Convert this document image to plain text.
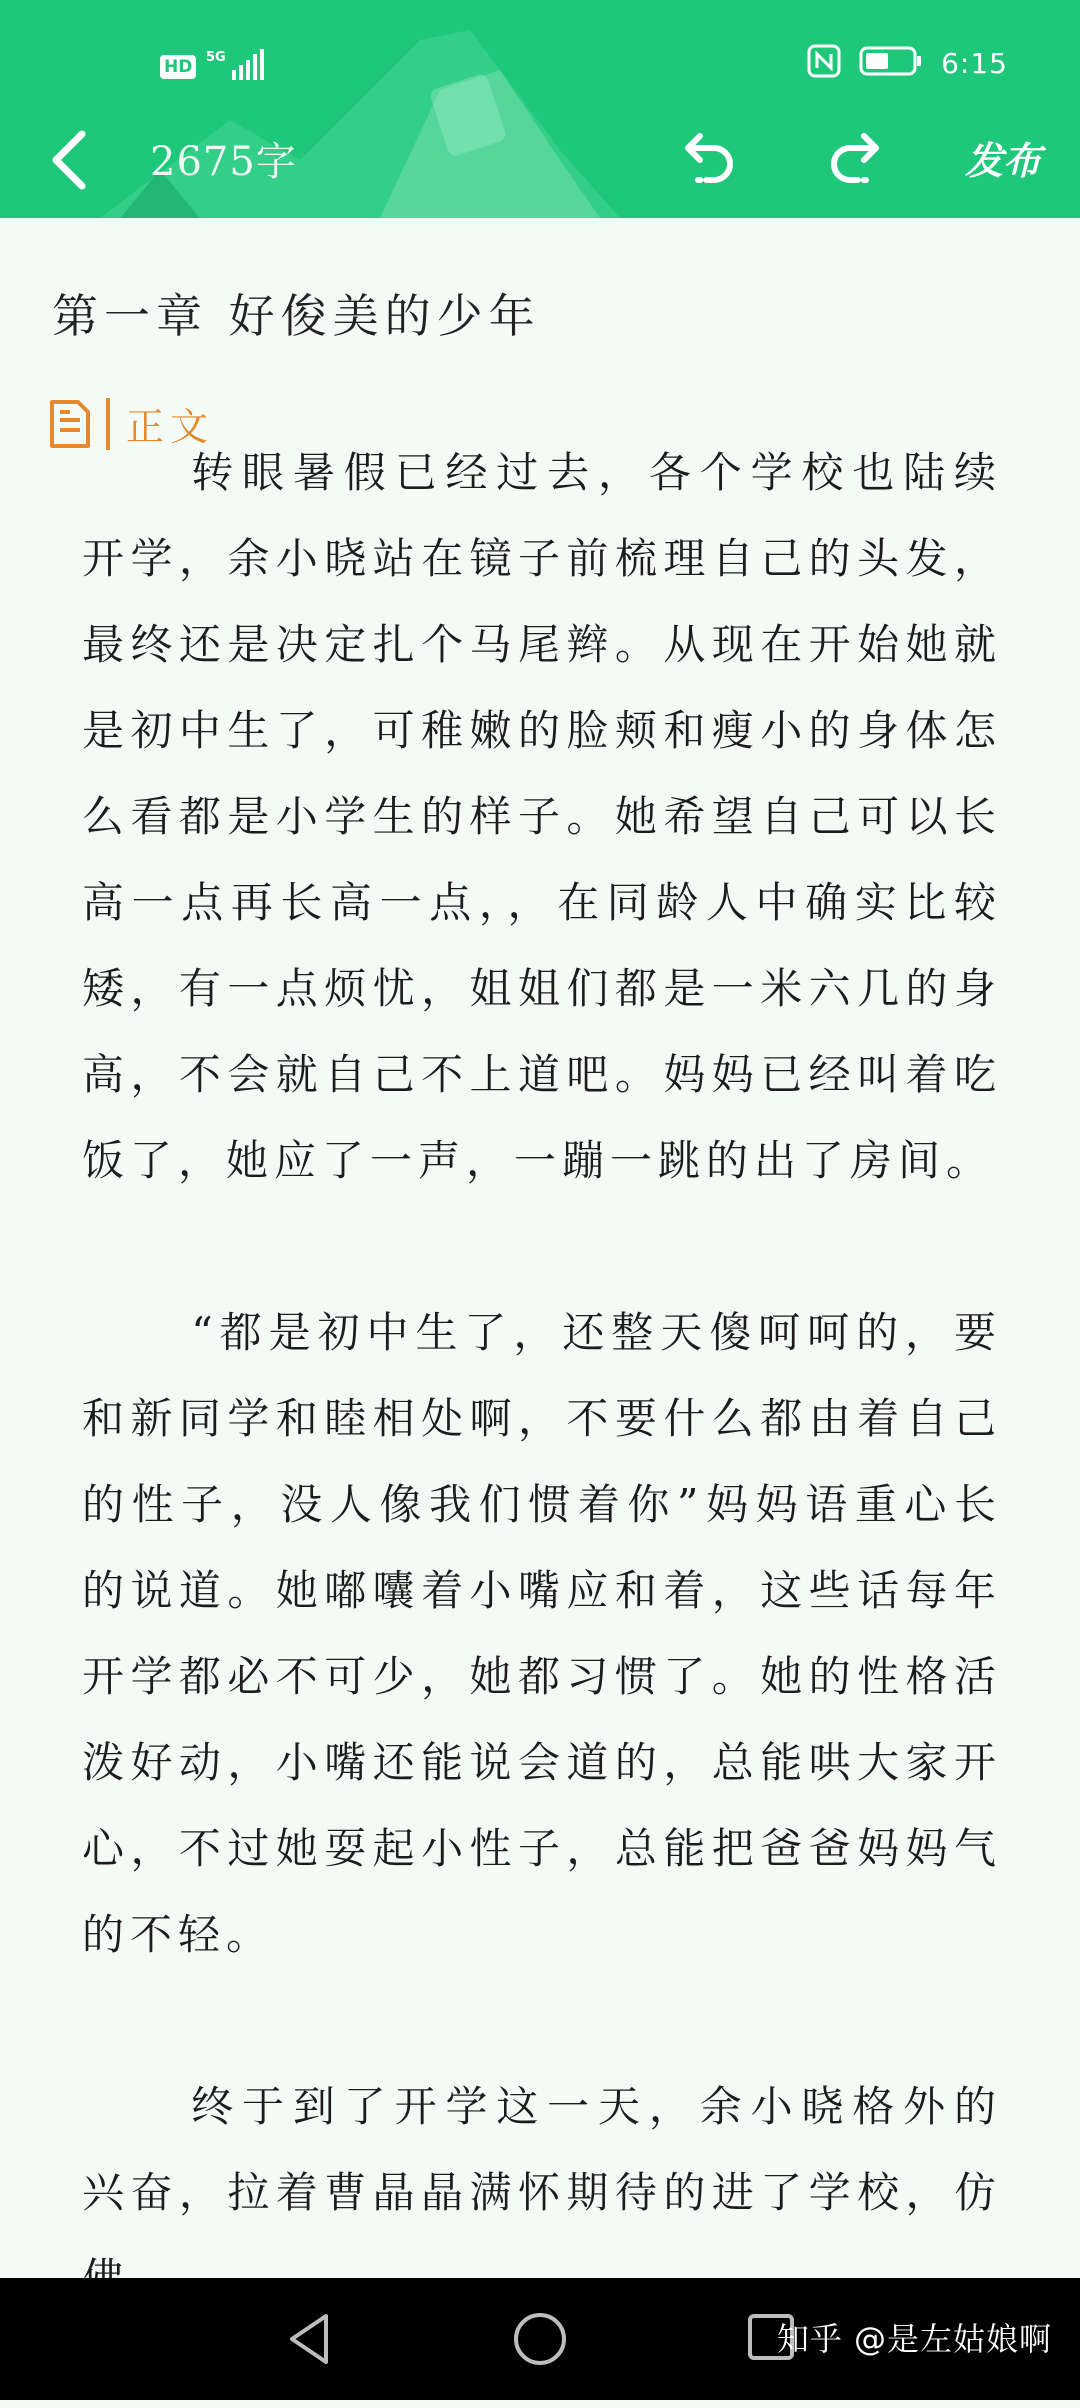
HD	5G	6:15
2675字	发布
第一章 好俊美的少年
正文

转眼暑假已经过去，各个学校也陆续开学，余小晓站在镜子前梳理自己的头发，最终还是决定扎个马尾辫。从现在开始她就是初中生了，可稚嫩的脸颊和瘦小的身体怎么看都是小学生的样子。她希望自己可以长高一点再长高一点，，在同龄人中确实比较矮，有一点烦忧，姐姐们都是一米六几的身高，不会就自己不上道吧。妈妈已经叫着吃饭了，她应了一声，一蹦一跳的出了房间。

“都是初中生了，还整天傻呵呵的，要和新同学和睦相处啊，不要什么都由着自己的性子，没人像我们惯着你”妈妈语重心长的说道。她嘟囔着小嘴应和着，这些话每年开学都必不可少，她都习惯了。她的性格活泼好动，小嘴还能说会道的，总能哄大家开心，不过她耍起小性子，总能把爸爸妈妈气的不轻。

终于到了开学这一天，余小晓格外的兴奋，拉着曹晶晶满怀期待的进了学校，仿

知乎 @是左姑娘啊
